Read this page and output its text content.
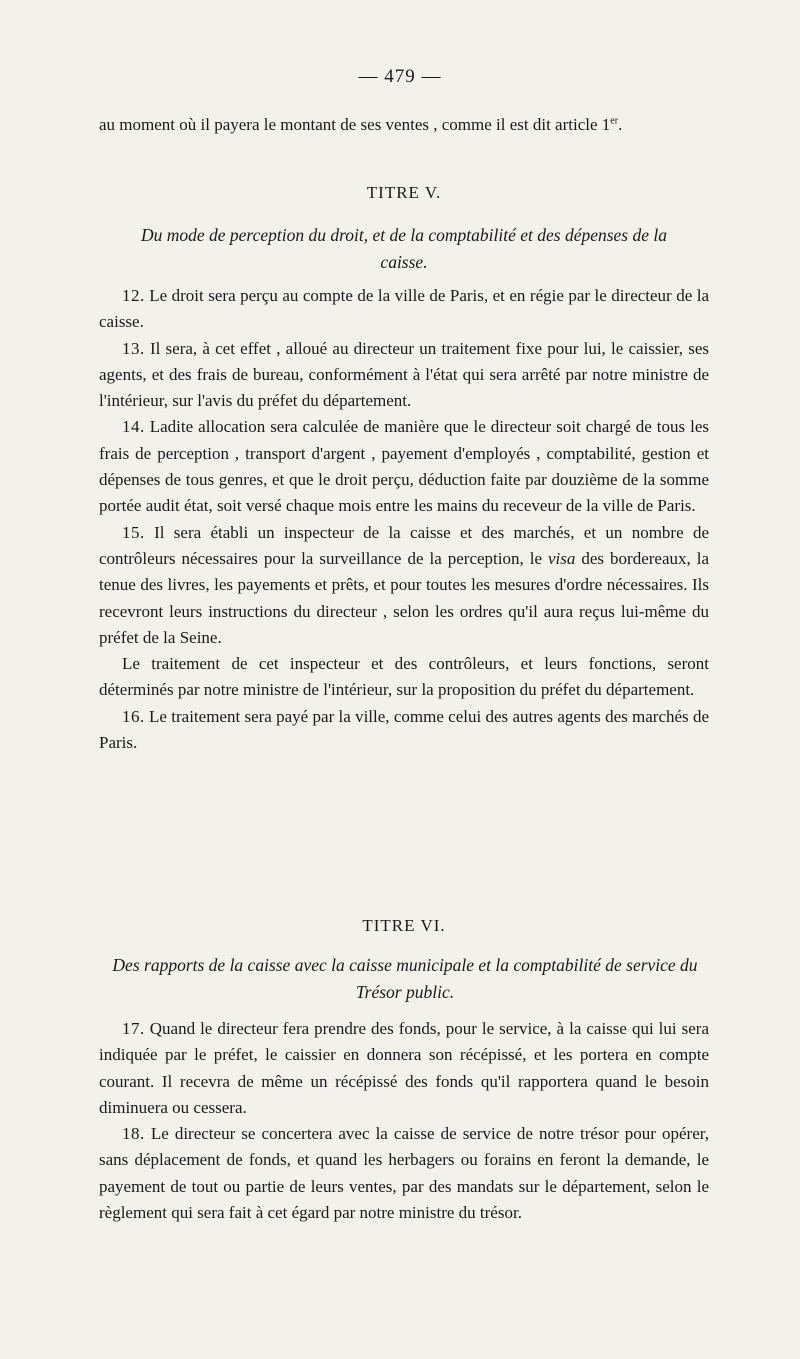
— 479 —

au moment où il payera le montant de ses ventes , comme il est dit article 1er.

TITRE V.

Du mode de perception du droit, et de la comptabilité et des dépenses de la caisse.

12. Le droit sera perçu au compte de la ville de Paris, et en régie par le directeur de la caisse.

13. Il sera, à cet effet , alloué au directeur un traitement fixe pour lui, le caissier, ses agents, et des frais de bureau, conformément à l'état qui sera arrêté par notre ministre de l'intérieur, sur l'avis du préfet du département.

14. Ladite allocation sera calculée de manière que le directeur soit chargé de tous les frais de perception , transport d'argent , payement d'employés , comptabilité, gestion et dépenses de tous genres, et que le droit perçu, déduction faite par douzième de la somme portée audit état, soit versé chaque mois entre les mains du receveur de la ville de Paris.

15. Il sera établi un inspecteur de la caisse et des marchés, et un nombre de contrôleurs nécessaires pour la surveillance de la perception, le visa des bordereaux, la tenue des livres, les payements et prêts, et pour toutes les mesures d'ordre nécessaires. Ils recevront leurs instructions du directeur , selon les ordres qu'il aura reçus lui-même du préfet de la Seine.

Le traitement de cet inspecteur et des contrôleurs, et leurs fonctions, seront déterminés par notre ministre de l'intérieur, sur la proposition du préfet du département.

16. Le traitement sera payé par la ville, comme celui des autres agents des marchés de Paris.

TITRE VI.

Des rapports de la caisse avec la caisse municipale et la comptabilité de service du Trésor public.

17. Quand le directeur fera prendre des fonds, pour le service, à la caisse qui lui sera indiquée par le préfet, le caissier en donnera son récépissé, et les portera en compte courant. Il recevra de même un récépissé des fonds qu'il rapportera quand le besoin diminuera ou cessera.

18. Le directeur se concertera avec la caisse de service de notre trésor pour opérer, sans déplacement de fonds, et quand les herbagers ou forains en feront la demande, le payement de tout ou partie de leurs ventes, par des mandats sur le département, selon le règlement qui sera fait à cet égard par notre ministre du trésor.
